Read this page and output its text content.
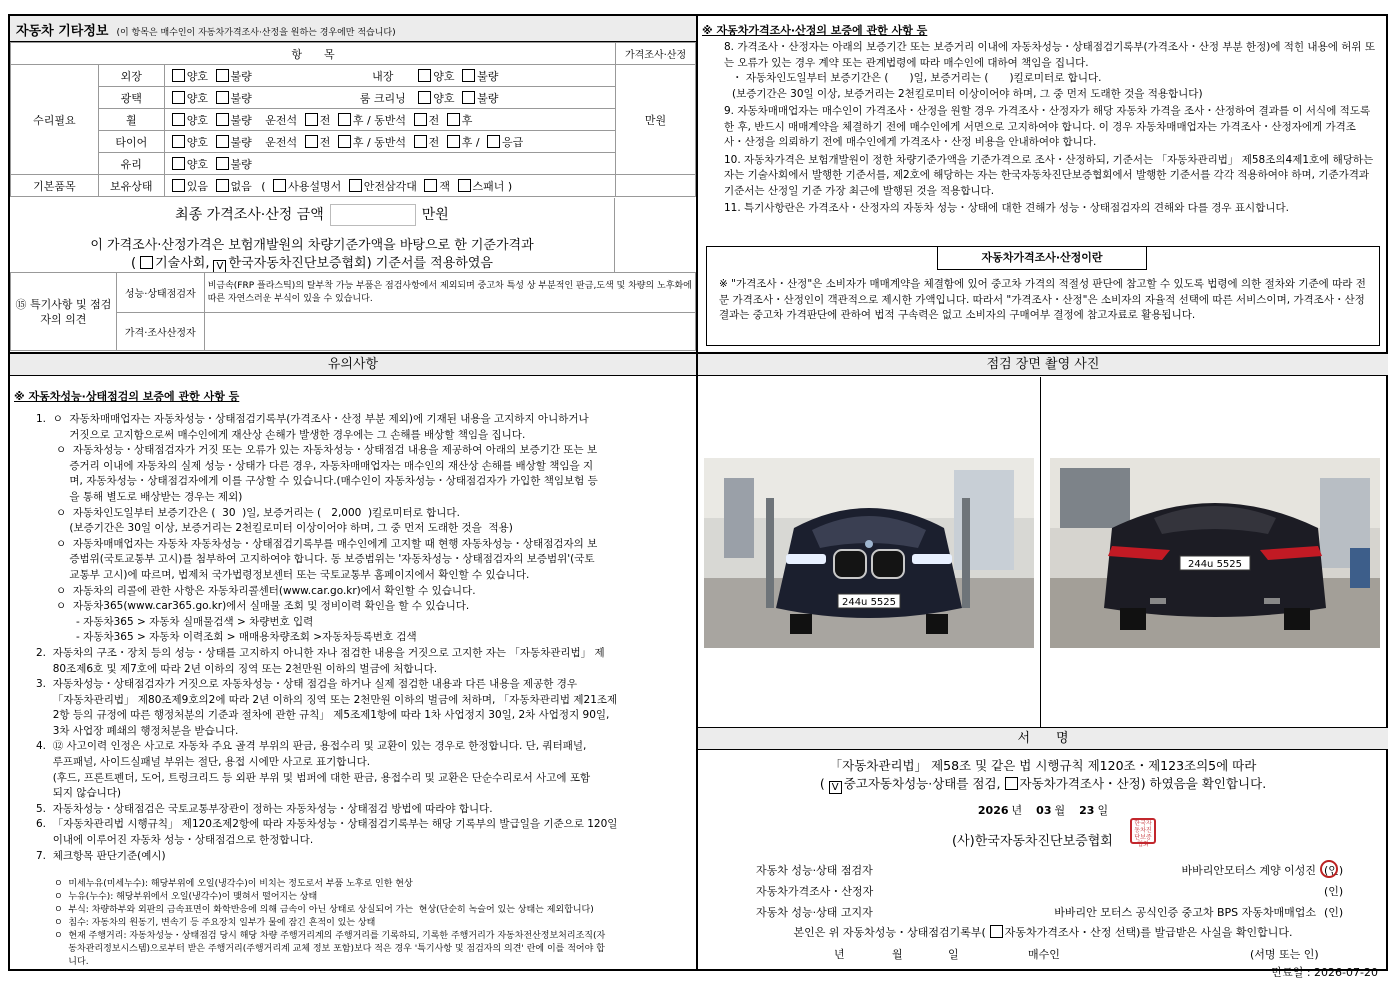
자동차 기타정보 (이 항목은 매수인이 자동차가격조사·산정을 원하는 경우에만 적습니다)
항　　목			가격조사·산정
수리필요	외장	양호 불량 내장 양호 불량	만원
	광택	양호 불량 룸 크리닝 양호 불량	
	휠	양호 불량 운전석 전 후 / 동반석 전 후	
	타이어	양호 불량 운전석 전 후 / 동반석 전 후 / 응급	
	유리	양호 불량	
기본품목	보유상태	있음 없음 ( 사용설명서 안전삼각대 잭 스패너 )	
최종 가격조사·산정 금액	만원
이 가격조사·산정가격은 보험개발원의 차량기준가액을 바탕으로 한 기준가격과
( 기술사회, V 한국자동차진단보증협회) 기준서를 적용하였음
⑮ 특기사항 및 점검자의 의견	성능·상태점검자	비금속(FRP 플라스틱)의 탈부착 가능 부품은 점검사항에서 제외되며 중고차 특성 상 부분적인 판금,도색 및 차량의 노후화에 따른 자연스러운 부식이 있을 수 있습니다.
	가격·조사산정자	
※ 자동차가격조사·산정의 보증에 관한 사항 등

8. 가격조사・산정자는 아래의 보증기간 또는 보증거리 이내에 자동차성능・상태점검기록부(가격조사・산정 부분 한정)에 적힌 내용에 허위 또는 오류가 있는 경우 계약 또는 관계법령에 따라 매수인에 대하여 책임을 집니다.

・ 자동차인도일부터 보증기간은 (　　)일, 보증거리는 (　　)킬로미터로 합니다.

(보증기간은 30일 이상, 보증거리는 2천킬로미터 이상이어야 하며, 그 중 먼저 도래한 것을 적용합니다)

9. 자동차매매업자는 매수인이 가격조사・산정을 원할 경우 가격조사・산정자가 해당 자동차 가격을 조사・산정하여 결과를 이 서식에 적도록 한 후, 반드시 매매계약을 체결하기 전에 매수인에게 서면으로 고지하여야 합니다. 이 경우 자동차매매업자는 가격조사・산정자에게 가격조사・산정을 의뢰하기 전에 매수인에게 가격조사・산정 비용을 안내하여야 합니다.

10. 자동차가격은 보험개발원이 정한 차량기준가액을 기준가격으로 조사・산정하되, 기준서는 「자동차관리법」 제58조의4제1호에 해당하는 자는 기술사회에서 발행한 기준서를, 제2호에 해당하는 자는 한국자동차진단보증협회에서 발행한 기준서를 각각 적용하여야 하며, 기준가격과 기준서는 산정일 기준 가장 최근에 발행된 것을 적용합니다.

11. 특기사항란은 가격조사・산정자의 자동차 성능・상태에 대한 견해가 성능・상태점검자의 견해와 다를 경우 표시합니다.

자동차가격조사·산정이란
※ "가격조사・산정"은 소비자가 매매계약을 체결함에 있어 중고차 가격의 적절성 판단에 참고할 수 있도록 법령에 의한 절차와 기준에 따라 전문 가격조사・산정인이 객관적으로 제시한 가액입니다. 따라서 "가격조사・산정"은 소비자의 자율적 선택에 따른 서비스이며, 가격조사・산정 결과는 중고차 가격판단에 관하여 법적 구속력은 없고 소비자의 구매여부 결정에 참고자료로 활용됩니다.
유의사항
※ 자동차성능·상태점검의 보증에 관한 사항 등
1.  ㅇ  자동차매매업자는 자동차성능・상태점검기록부(가격조사・산정 부분 제외)에 기재된 내용을 고지하지 아니하거나
거짓으로 고지함으로써 매수인에게 재산상 손해가 발생한 경우에는 그 손해를 배상할 책임을 집니다.
ㅇ  자동차성능・상태점검자가 거짓 또는 오류가 있는 자동차성능・상태점검 내용을 제공하여 아래의 보증기간 또는 보
증거리 이내에 자동차의 실제 성능・상태가 다른 경우, 자동차매매업자는 매수인의 재산상 손해를 배상할 책임을 지
며, 자동차성능・상태점검자에게 이를 구상할 수 있습니다.(매수인이 자동차성능・상태점검자가 가입한 책임보험 등
을 통해 별도로 배상받는 경우는 제외)
ㅇ  자동차인도일부터 보증기간은 (  30  )일, 보증거리는 (   2,000  )킬로미터로 합니다.
(보증기간은 30일 이상, 보증거리는 2천킬로미터 이상이어야 하며, 그 중 먼저 도래한 것을  적용)
ㅇ  자동차매매업자는 자동차 자동차성능・상태점검기록부를 매수인에게 고지할 때 현행 자동차성능・상태점검자의 보
증범위(국토교통부 고시)를 첨부하여 고지하여야 합니다. 동 보증범위는 '자동차성능・상태점검자의 보증범위'(국토
교통부 고시)에 따르며, 법제처 국가법령정보센터 또는 국토교통부 홈페이지에서 확인할 수 있습니다.
ㅇ  자동차의 리콜에 관한 사항은 자동차리콜센터(www.car.go.kr)에서 확인할 수 있습니다.
ㅇ  자동차365(www.car365.go.kr)에서 실매물 조회 및 정비이력 확인을 할 수 있습니다.
- 자동차365 > 자동차 실매물검색 > 차량번호 입력
- 자동차365 > 자동차 이력조회 > 매매용차량조회 >자동차등록번호 검색
2.  자동차의 구조・장치 등의 성능・상태를 고지하지 아니한 자나 점검한 내용을 거짓으로 고지한 자는 「자동차관리법」 제
80조제6호 및 제7호에 따라 2년 이하의 징역 또는 2천만원 이하의 벌금에 처합니다.
3.  자동차성능・상태점검자가 거짓으로 자동차성능・상태 점검을 하거나 실제 점검한 내용과 다른 내용을 제공한 경우
「자동차관리법」 제80조제9호의2에 따라 2년 이하의 징역 또는 2천만원 이하의 벌금에 처하며, 「자동차관리법 제21조제
2항 등의 규정에 따른 행정처분의 기준과 절차에 관한 규칙」 제5조제1항에 따라 1차 사업정지 30일, 2차 사업정지 90일,
3차 사업장 폐쇄의 행정처분을 받습니다.
4.  ⑫ 사고이력 인정은 사고로 자동차 주요 골격 부위의 판금, 용접수리 및 교환이 있는 경우로 한정합니다. 단, 쿼터패널,
루프패널, 사이드실패널 부위는 절단, 용접 시에만 사고로 표기합니다.
(후드, 프론트펜더, 도어, 트렁크리드 등 외판 부위 및 범퍼에 대한 판금, 용접수리 및 교환은 단순수리로서 사고에 포함
되지 않습니다)
5.  자동차성능・상태점검은 국토교통부장관이 정하는 자동차성능・상태점검 방법에 따라야 합니다.
6.  「자동차관리법 시행규칙」 제120조제2항에 따라 자동차성능・상태점검기록부는 해당 기록부의 발급일을 기준으로 120일
이내에 이루어진 자동차 성능・상태점검으로 한정합니다.
7.  체크항목 판단기준(예시)
ㅇ  미세누유(미세누수): 해당부위에 오일(냉각수)이 비치는 정도로서 부품 노후로 인한 현상
ㅇ  누유(누수): 해당부위에서 오일(냉각수)이 맺혀서 떨어지는 상태
ㅇ  부식: 차량하부와 외판의 금속표면이 화학반응에 의해 금속이 아닌 상태로 상실되어 가는  현상(단순히 녹슬어 있는 상태는 제외합니다)
ㅇ  침수: 자동차의 원동기, 변속기 등 주요장치 일부가 물에 잠긴 흔적이 있는 상태
ㅇ  현재 주행거리: 자동차성능・상태점검 당시 해당 차량 주행거리계의 주행거리를 기록하되, 기록한 주행거리가 자동차전산정보처리조직(자
동차관리정보시스템)으로부터 받은 주행거리(주행거리계 교체 정보 포함)보다 적은 경우 '특기사항 및 점검자의 의견' 란에 이를 적어야 합
니다.
점검 장면 촬영 사진
244u 5525
244u 5525
서　　명
「자동차관리법」 제58조 및 같은 법 시행규칙 제120조・제123조의5에 따라
( V 중고자동차성능·상태를 점검, 자동차가격조사・산정) 하였음을 확인합니다.
2026 년 03 월 23 일
(사)한국자동차진단보증협회
한국자동차진단보증협회
자동차 성능·상태 점검자	바바리안모터스 계양 이성진 (인)
자동차가격조사・산정자	(인)
자동차 성능·상태 고지자	바바리안 모터스 공식인증 중고차 BPS 자동차매매업소 (인)
본인은 위 자동차성능・상태점검기록부( 자동차가격조사・산정 선택)를 발급받은 사실을 확인합니다.
년	월	일	매수인	(서명 또는 인)
만료일 : 2026-07-20
